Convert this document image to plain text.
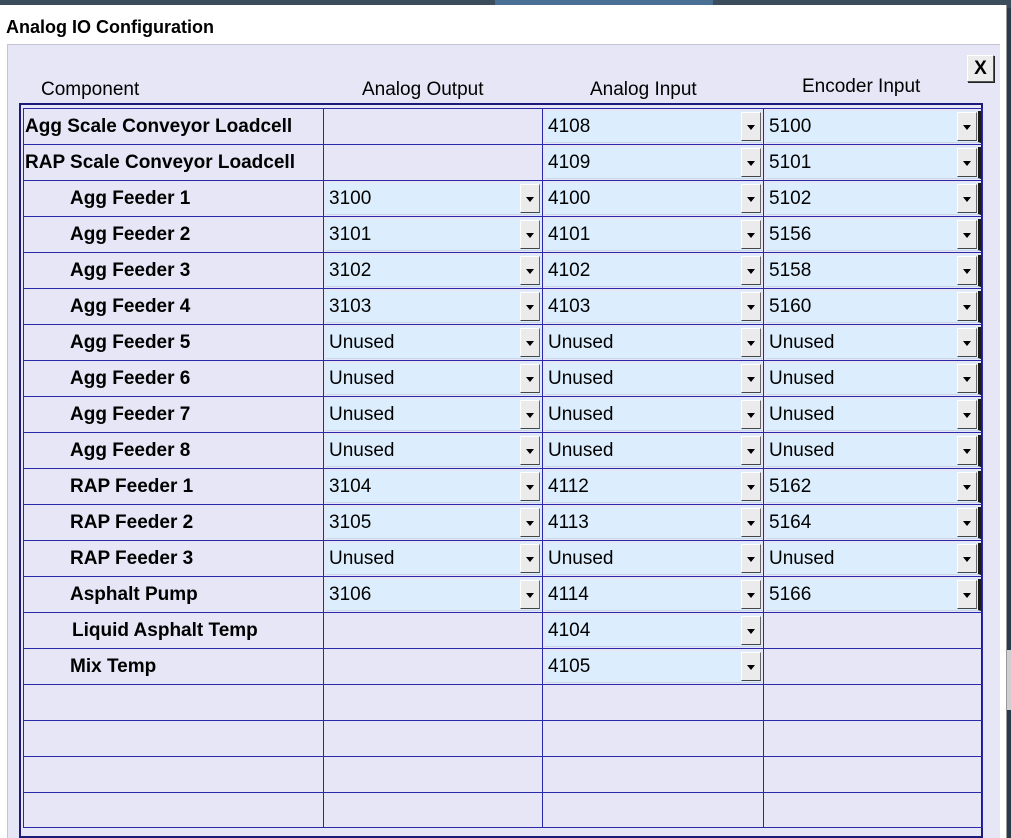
Analog IO Configuration
X
Component	Analog Output	Analog Input	Encoder Input
Agg Scale Conveyor Loadcell		4108	5100

RAP Scale Conveyor Loadcell		4109	5101

Agg Feeder 1	3100	4100	5102

Agg Feeder 2	3101	4101	5156

Agg Feeder 3	3102	4102	5158

Agg Feeder 4	3103	4103	5160

Agg Feeder 5	Unused	Unused	Unused

Agg Feeder 6	Unused	Unused	Unused

Agg Feeder 7	Unused	Unused	Unused

Agg Feeder 8	Unused	Unused	Unused

RAP Feeder 1	3104	4112	5162

RAP Feeder 2	3105	4113	5164

RAP Feeder 3	Unused	Unused	Unused

Asphalt Pump	3106	4114	5166

Liquid Asphalt Temp		4104	

Mix Temp		4105	
